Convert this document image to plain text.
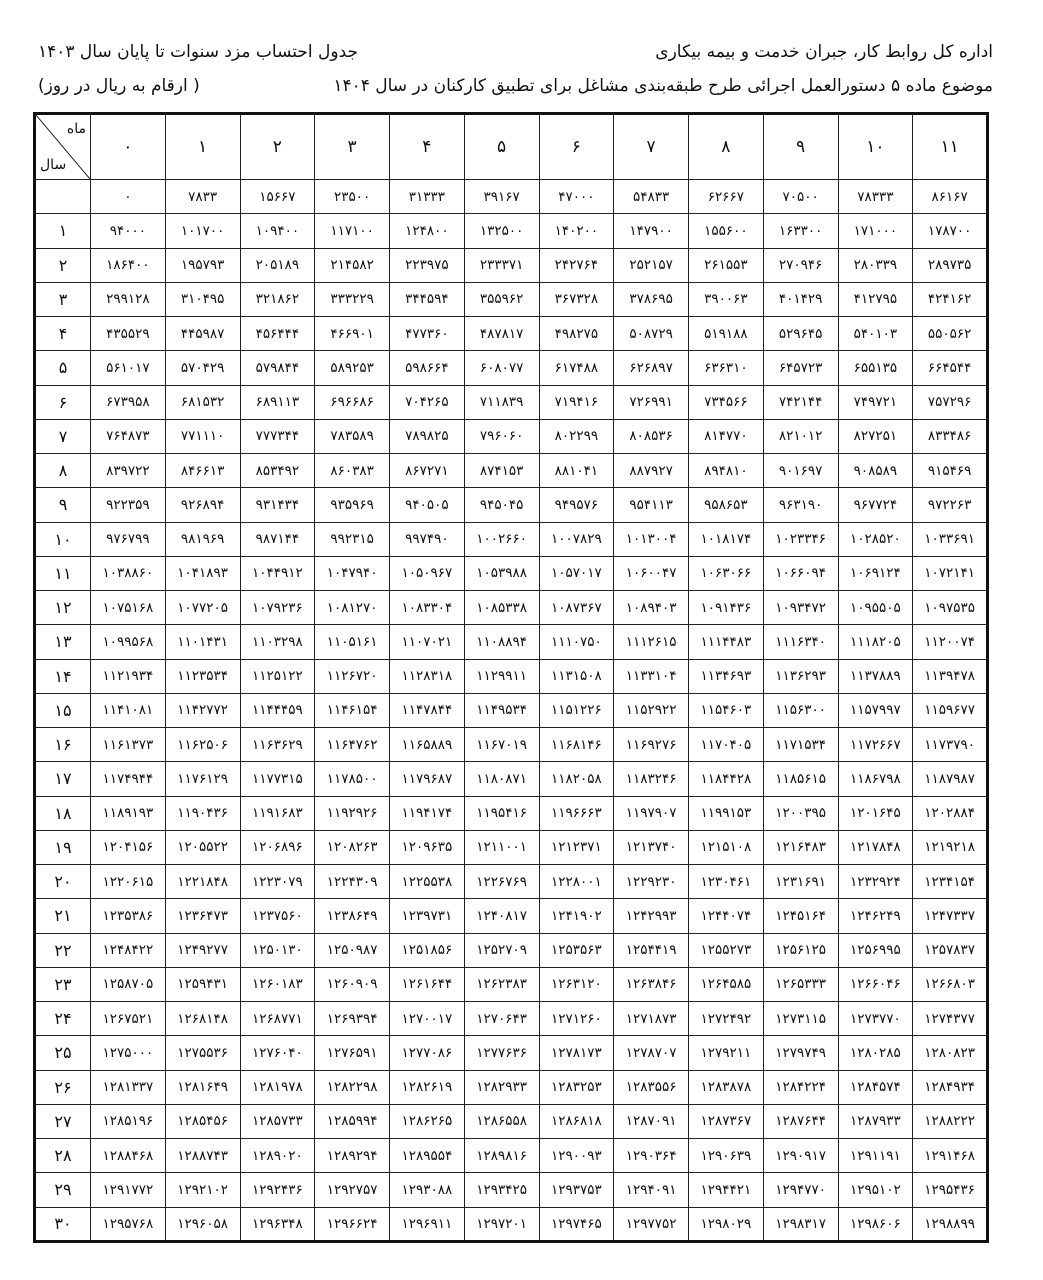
اداره کل روابط کار، جبران خدمت و بیمه بیکاری
موضوع ماده ۵ دستورالعمل اجرائی طرح طبقه‌بندی مشاغل برای تطبیق کارکنان در سال ۱۴۰۴
جدول احتساب مزد سنوات تا پایان سال ۱۴۰۳
( ارقام به ریال در روز)
ماه
سال	۰	۱	۲	۳	۴	۵	۶	۷	۸	۹	۱۰	۱۱
	۰	۷۸۳۳	۱۵۶۶۷	۲۳۵۰۰	۳۱۳۳۳	۳۹۱۶۷	۴۷۰۰۰	۵۴۸۳۳	۶۲۶۶۷	۷۰۵۰۰	۷۸۳۳۳	۸۶۱۶۷
۱	۹۴۰۰۰	۱۰۱۷۰۰	۱۰۹۴۰۰	۱۱۷۱۰۰	۱۲۴۸۰۰	۱۳۲۵۰۰	۱۴۰۲۰۰	۱۴۷۹۰۰	۱۵۵۶۰۰	۱۶۳۳۰۰	۱۷۱۰۰۰	۱۷۸۷۰۰
۲	۱۸۶۴۰۰	۱۹۵۷۹۳	۲۰۵۱۸۹	۲۱۴۵۸۲	۲۲۳۹۷۵	۲۳۳۳۷۱	۲۴۲۷۶۴	۲۵۲۱۵۷	۲۶۱۵۵۳	۲۷۰۹۴۶	۲۸۰۳۳۹	۲۸۹۷۳۵
۳	۲۹۹۱۲۸	۳۱۰۴۹۵	۳۲۱۸۶۲	۳۳۳۲۲۹	۳۴۴۵۹۴	۳۵۵۹۶۲	۳۶۷۳۲۸	۳۷۸۶۹۵	۳۹۰۰۶۳	۴۰۱۴۲۹	۴۱۲۷۹۵	۴۲۴۱۶۲
۴	۴۳۵۵۲۹	۴۴۵۹۸۷	۴۵۶۴۴۴	۴۶۶۹۰۱	۴۷۷۳۶۰	۴۸۷۸۱۷	۴۹۸۲۷۵	۵۰۸۷۲۹	۵۱۹۱۸۸	۵۲۹۶۴۵	۵۴۰۱۰۳	۵۵۰۵۶۲
۵	۵۶۱۰۱۷	۵۷۰۴۲۹	۵۷۹۸۴۴	۵۸۹۲۵۳	۵۹۸۶۶۴	۶۰۸۰۷۷	۶۱۷۴۸۸	۶۲۶۸۹۷	۶۳۶۳۱۰	۶۴۵۷۲۳	۶۵۵۱۳۵	۶۶۴۵۴۴
۶	۶۷۳۹۵۸	۶۸۱۵۳۲	۶۸۹۱۱۳	۶۹۶۶۸۶	۷۰۴۲۶۵	۷۱۱۸۳۹	۷۱۹۴۱۶	۷۲۶۹۹۱	۷۳۴۵۶۶	۷۴۲۱۴۴	۷۴۹۷۲۱	۷۵۷۲۹۶
۷	۷۶۴۸۷۳	۷۷۱۱۱۰	۷۷۷۳۴۴	۷۸۳۵۸۹	۷۸۹۸۲۵	۷۹۶۰۶۰	۸۰۲۲۹۹	۸۰۸۵۳۶	۸۱۴۷۷۰	۸۲۱۰۱۲	۸۲۷۲۵۱	۸۳۳۴۸۶
۸	۸۳۹۷۲۲	۸۴۶۶۱۳	۸۵۳۴۹۲	۸۶۰۳۸۳	۸۶۷۲۷۱	۸۷۴۱۵۳	۸۸۱۰۴۱	۸۸۷۹۲۷	۸۹۴۸۱۰	۹۰۱۶۹۷	۹۰۸۵۸۹	۹۱۵۴۶۹
۹	۹۲۲۳۵۹	۹۲۶۸۹۴	۹۳۱۴۳۴	۹۳۵۹۶۹	۹۴۰۵۰۵	۹۴۵۰۴۵	۹۴۹۵۷۶	۹۵۴۱۱۳	۹۵۸۶۵۳	۹۶۳۱۹۰	۹۶۷۷۲۴	۹۷۲۲۶۳
۱۰	۹۷۶۷۹۹	۹۸۱۹۶۹	۹۸۷۱۴۴	۹۹۲۳۱۵	۹۹۷۴۹۰	۱۰۰۲۶۶۰	۱۰۰۷۸۲۹	۱۰۱۳۰۰۴	۱۰۱۸۱۷۴	۱۰۲۳۳۴۶	۱۰۲۸۵۲۰	۱۰۳۳۶۹۱
۱۱	۱۰۳۸۸۶۰	۱۰۴۱۸۹۳	۱۰۴۴۹۱۲	۱۰۴۷۹۴۰	۱۰۵۰۹۶۷	۱۰۵۳۹۸۸	۱۰۵۷۰۱۷	۱۰۶۰۰۴۷	۱۰۶۳۰۶۶	۱۰۶۶۰۹۴	۱۰۶۹۱۲۴	۱۰۷۲۱۴۱
۱۲	۱۰۷۵۱۶۸	۱۰۷۷۲۰۵	۱۰۷۹۲۳۶	۱۰۸۱۲۷۰	۱۰۸۳۳۰۴	۱۰۸۵۳۳۸	۱۰۸۷۳۶۷	۱۰۸۹۴۰۳	۱۰۹۱۴۳۶	۱۰۹۳۴۷۲	۱۰۹۵۵۰۵	۱۰۹۷۵۳۵
۱۳	۱۰۹۹۵۶۸	۱۱۰۱۴۳۱	۱۱۰۳۲۹۸	۱۱۰۵۱۶۱	۱۱۰۷۰۲۱	۱۱۰۸۸۹۴	۱۱۱۰۷۵۰	۱۱۱۲۶۱۵	۱۱۱۴۴۸۳	۱۱۱۶۳۴۰	۱۱۱۸۲۰۵	۱۱۲۰۰۷۴
۱۴	۱۱۲۱۹۳۴	۱۱۲۳۵۳۴	۱۱۲۵۱۲۲	۱۱۲۶۷۲۰	۱۱۲۸۳۱۸	۱۱۲۹۹۱۱	۱۱۳۱۵۰۸	۱۱۳۳۱۰۴	۱۱۳۴۶۹۳	۱۱۳۶۲۹۳	۱۱۳۷۸۸۹	۱۱۳۹۴۷۸
۱۵	۱۱۴۱۰۸۱	۱۱۴۲۷۷۲	۱۱۴۴۴۵۹	۱۱۴۶۱۵۴	۱۱۴۷۸۴۴	۱۱۴۹۵۳۴	۱۱۵۱۲۲۶	۱۱۵۲۹۲۲	۱۱۵۴۶۰۳	۱۱۵۶۳۰۰	۱۱۵۷۹۹۷	۱۱۵۹۶۷۷
۱۶	۱۱۶۱۳۷۳	۱۱۶۲۵۰۶	۱۱۶۳۶۲۹	۱۱۶۴۷۶۲	۱۱۶۵۸۸۹	۱۱۶۷۰۱۹	۱۱۶۸۱۴۶	۱۱۶۹۲۷۶	۱۱۷۰۴۰۵	۱۱۷۱۵۳۴	۱۱۷۲۶۶۷	۱۱۷۳۷۹۰
۱۷	۱۱۷۴۹۴۴	۱۱۷۶۱۲۹	۱۱۷۷۳۱۵	۱۱۷۸۵۰۰	۱۱۷۹۶۸۷	۱۱۸۰۸۷۱	۱۱۸۲۰۵۸	۱۱۸۳۲۴۶	۱۱۸۴۴۲۸	۱۱۸۵۶۱۵	۱۱۸۶۷۹۸	۱۱۸۷۹۸۷
۱۸	۱۱۸۹۱۹۳	۱۱۹۰۴۳۶	۱۱۹۱۶۸۳	۱۱۹۲۹۲۶	۱۱۹۴۱۷۴	۱۱۹۵۴۱۶	۱۱۹۶۶۶۳	۱۱۹۷۹۰۷	۱۱۹۹۱۵۳	۱۲۰۰۳۹۵	۱۲۰۱۶۴۵	۱۲۰۲۸۸۴
۱۹	۱۲۰۴۱۵۶	۱۲۰۵۵۲۲	۱۲۰۶۸۹۶	۱۲۰۸۲۶۳	۱۲۰۹۶۳۵	۱۲۱۱۰۰۱	۱۲۱۲۳۷۱	۱۲۱۳۷۴۰	۱۲۱۵۱۰۸	۱۲۱۶۴۸۳	۱۲۱۷۸۴۸	۱۲۱۹۲۱۸
۲۰	۱۲۲۰۶۱۵	۱۲۲۱۸۴۸	۱۲۲۳۰۷۹	۱۲۲۴۳۰۹	۱۲۲۵۵۳۸	۱۲۲۶۷۶۹	۱۲۲۸۰۰۱	۱۲۲۹۲۳۰	۱۲۳۰۴۶۱	۱۲۳۱۶۹۱	۱۲۳۲۹۲۴	۱۲۳۴۱۵۴
۲۱	۱۲۳۵۳۸۶	۱۲۳۶۴۷۳	۱۲۳۷۵۶۰	۱۲۳۸۶۴۹	۱۲۳۹۷۳۱	۱۲۴۰۸۱۷	۱۲۴۱۹۰۲	۱۲۴۲۹۹۳	۱۲۴۴۰۷۴	۱۲۴۵۱۶۴	۱۲۴۶۲۴۹	۱۲۴۷۳۳۷
۲۲	۱۲۴۸۴۲۲	۱۲۴۹۲۷۷	۱۲۵۰۱۳۰	۱۲۵۰۹۸۷	۱۲۵۱۸۵۶	۱۲۵۲۷۰۹	۱۲۵۳۵۶۳	۱۲۵۴۴۱۹	۱۲۵۵۲۷۳	۱۲۵۶۱۲۵	۱۲۵۶۹۹۵	۱۲۵۷۸۳۷
۲۳	۱۲۵۸۷۰۵	۱۲۵۹۴۳۱	۱۲۶۰۱۸۳	۱۲۶۰۹۰۹	۱۲۶۱۶۴۴	۱۲۶۲۳۸۳	۱۲۶۳۱۲۰	۱۲۶۳۸۴۶	۱۲۶۴۵۸۵	۱۲۶۵۳۳۳	۱۲۶۶۰۴۶	۱۲۶۶۸۰۳
۲۴	۱۲۶۷۵۲۱	۱۲۶۸۱۴۸	۱۲۶۸۷۷۱	۱۲۶۹۳۹۴	۱۲۷۰۰۱۷	۱۲۷۰۶۴۳	۱۲۷۱۲۶۰	۱۲۷۱۸۷۳	۱۲۷۲۴۹۲	۱۲۷۳۱۱۵	۱۲۷۳۷۷۰	۱۲۷۴۳۷۷
۲۵	۱۲۷۵۰۰۰	۱۲۷۵۵۳۶	۱۲۷۶۰۴۰	۱۲۷۶۵۹۱	۱۲۷۷۰۸۶	۱۲۷۷۶۳۶	۱۲۷۸۱۷۳	۱۲۷۸۷۰۷	۱۲۷۹۲۱۱	۱۲۷۹۷۴۹	۱۲۸۰۲۸۵	۱۲۸۰۸۲۳
۲۶	۱۲۸۱۳۳۷	۱۲۸۱۶۴۹	۱۲۸۱۹۷۸	۱۲۸۲۲۹۸	۱۲۸۲۶۱۹	۱۲۸۲۹۳۳	۱۲۸۳۲۵۳	۱۲۸۳۵۵۶	۱۲۸۳۸۷۸	۱۲۸۴۲۲۴	۱۲۸۴۵۷۴	۱۲۸۴۹۳۴
۲۷	۱۲۸۵۱۹۶	۱۲۸۵۴۵۶	۱۲۸۵۷۳۳	۱۲۸۵۹۹۴	۱۲۸۶۲۶۵	۱۲۸۶۵۵۸	۱۲۸۶۸۱۸	۱۲۸۷۰۹۱	۱۲۸۷۳۶۷	۱۲۸۷۶۴۴	۱۲۸۷۹۳۳	۱۲۸۸۲۲۲
۲۸	۱۲۸۸۴۶۸	۱۲۸۸۷۴۳	۱۲۸۹۰۲۰	۱۲۸۹۲۹۴	۱۲۸۹۵۵۴	۱۲۸۹۸۱۶	۱۲۹۰۰۹۳	۱۲۹۰۳۶۴	۱۲۹۰۶۳۹	۱۲۹۰۹۱۷	۱۲۹۱۱۹۱	۱۲۹۱۴۶۸
۲۹	۱۲۹۱۷۷۲	۱۲۹۲۱۰۲	۱۲۹۲۴۳۶	۱۲۹۲۷۵۷	۱۲۹۳۰۸۸	۱۲۹۳۴۲۵	۱۲۹۳۷۵۳	۱۲۹۴۰۹۱	۱۲۹۴۴۲۱	۱۲۹۴۷۷۰	۱۲۹۵۱۰۲	۱۲۹۵۴۳۶
۳۰	۱۲۹۵۷۶۸	۱۲۹۶۰۵۸	۱۲۹۶۳۴۸	۱۲۹۶۶۲۴	۱۲۹۶۹۱۱	۱۲۹۷۲۰۱	۱۲۹۷۴۶۵	۱۲۹۷۷۵۲	۱۲۹۸۰۲۹	۱۲۹۸۳۱۷	۱۲۹۸۶۰۶	۱۲۹۸۸۹۹
